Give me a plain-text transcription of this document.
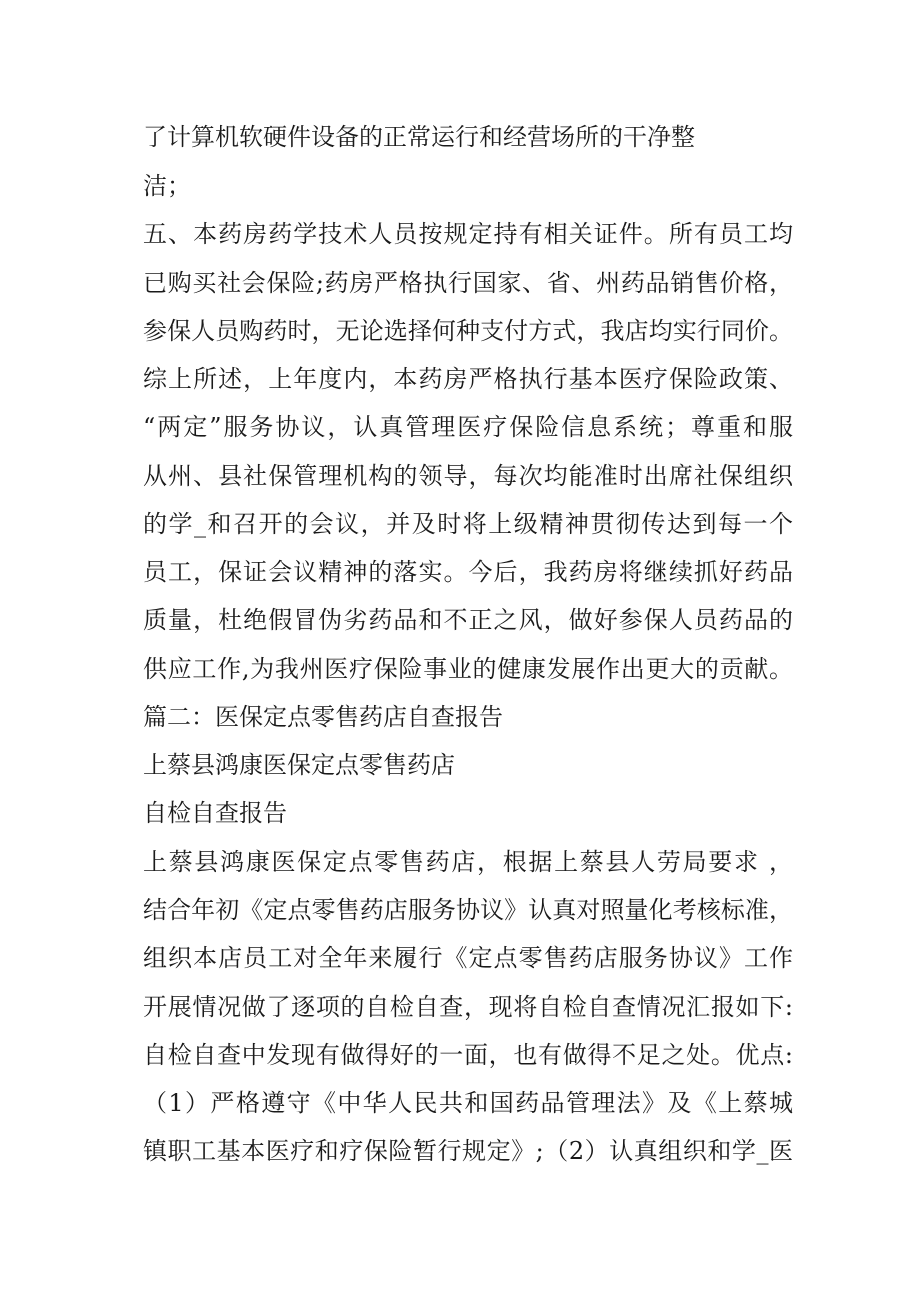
了计算机软硬件设备的正常运行和经营场所的干净整
洁；
五、本药房药学技术人员按规定持有相关证件。所有员工均
已购买社会保险;药房严格执行国家、省、州药品销售价格，
参保人员购药时，无论选择何种支付方式，我店均实行同价。
综上所述，上年度内，本药房严格执行基本医疗保险政策、
“两定”服务协议，认真管理医疗保险信息系统；尊重和服
从州、县社保管理机构的领导，每次均能准时出席社保组织
的学_和召开的会议，并及时将上级精神贯彻传达到每一个
员工，保证会议精神的落实。今后，我药房将继续抓好药品
质量，杜绝假冒伪劣药品和不正之风，做好参保人员药品的
供应工作,为我州医疗保险事业的健康发展作出更大的贡献。
篇二：医保定点零售药店自查报告
上蔡县鸿康医保定点零售药店
自检自查报告
上蔡县鸿康医保定点零售药店，根据上蔡县人劳局要求 ，
结合年初《定点零售药店服务协议》认真对照量化考核标准，
组织本店员工对全年来履行《定点零售药店服务协议》工作
开展情况做了逐项的自检自查，现将自检自查情况汇报如下:
自检自查中发现有做得好的一面，也有做得不足之处。优点:
（1）严格遵守《中华人民共和国药品管理法》及《上蔡城
镇职工基本医疗和疗保险暂行规定》;（2）认真组织和学_医
